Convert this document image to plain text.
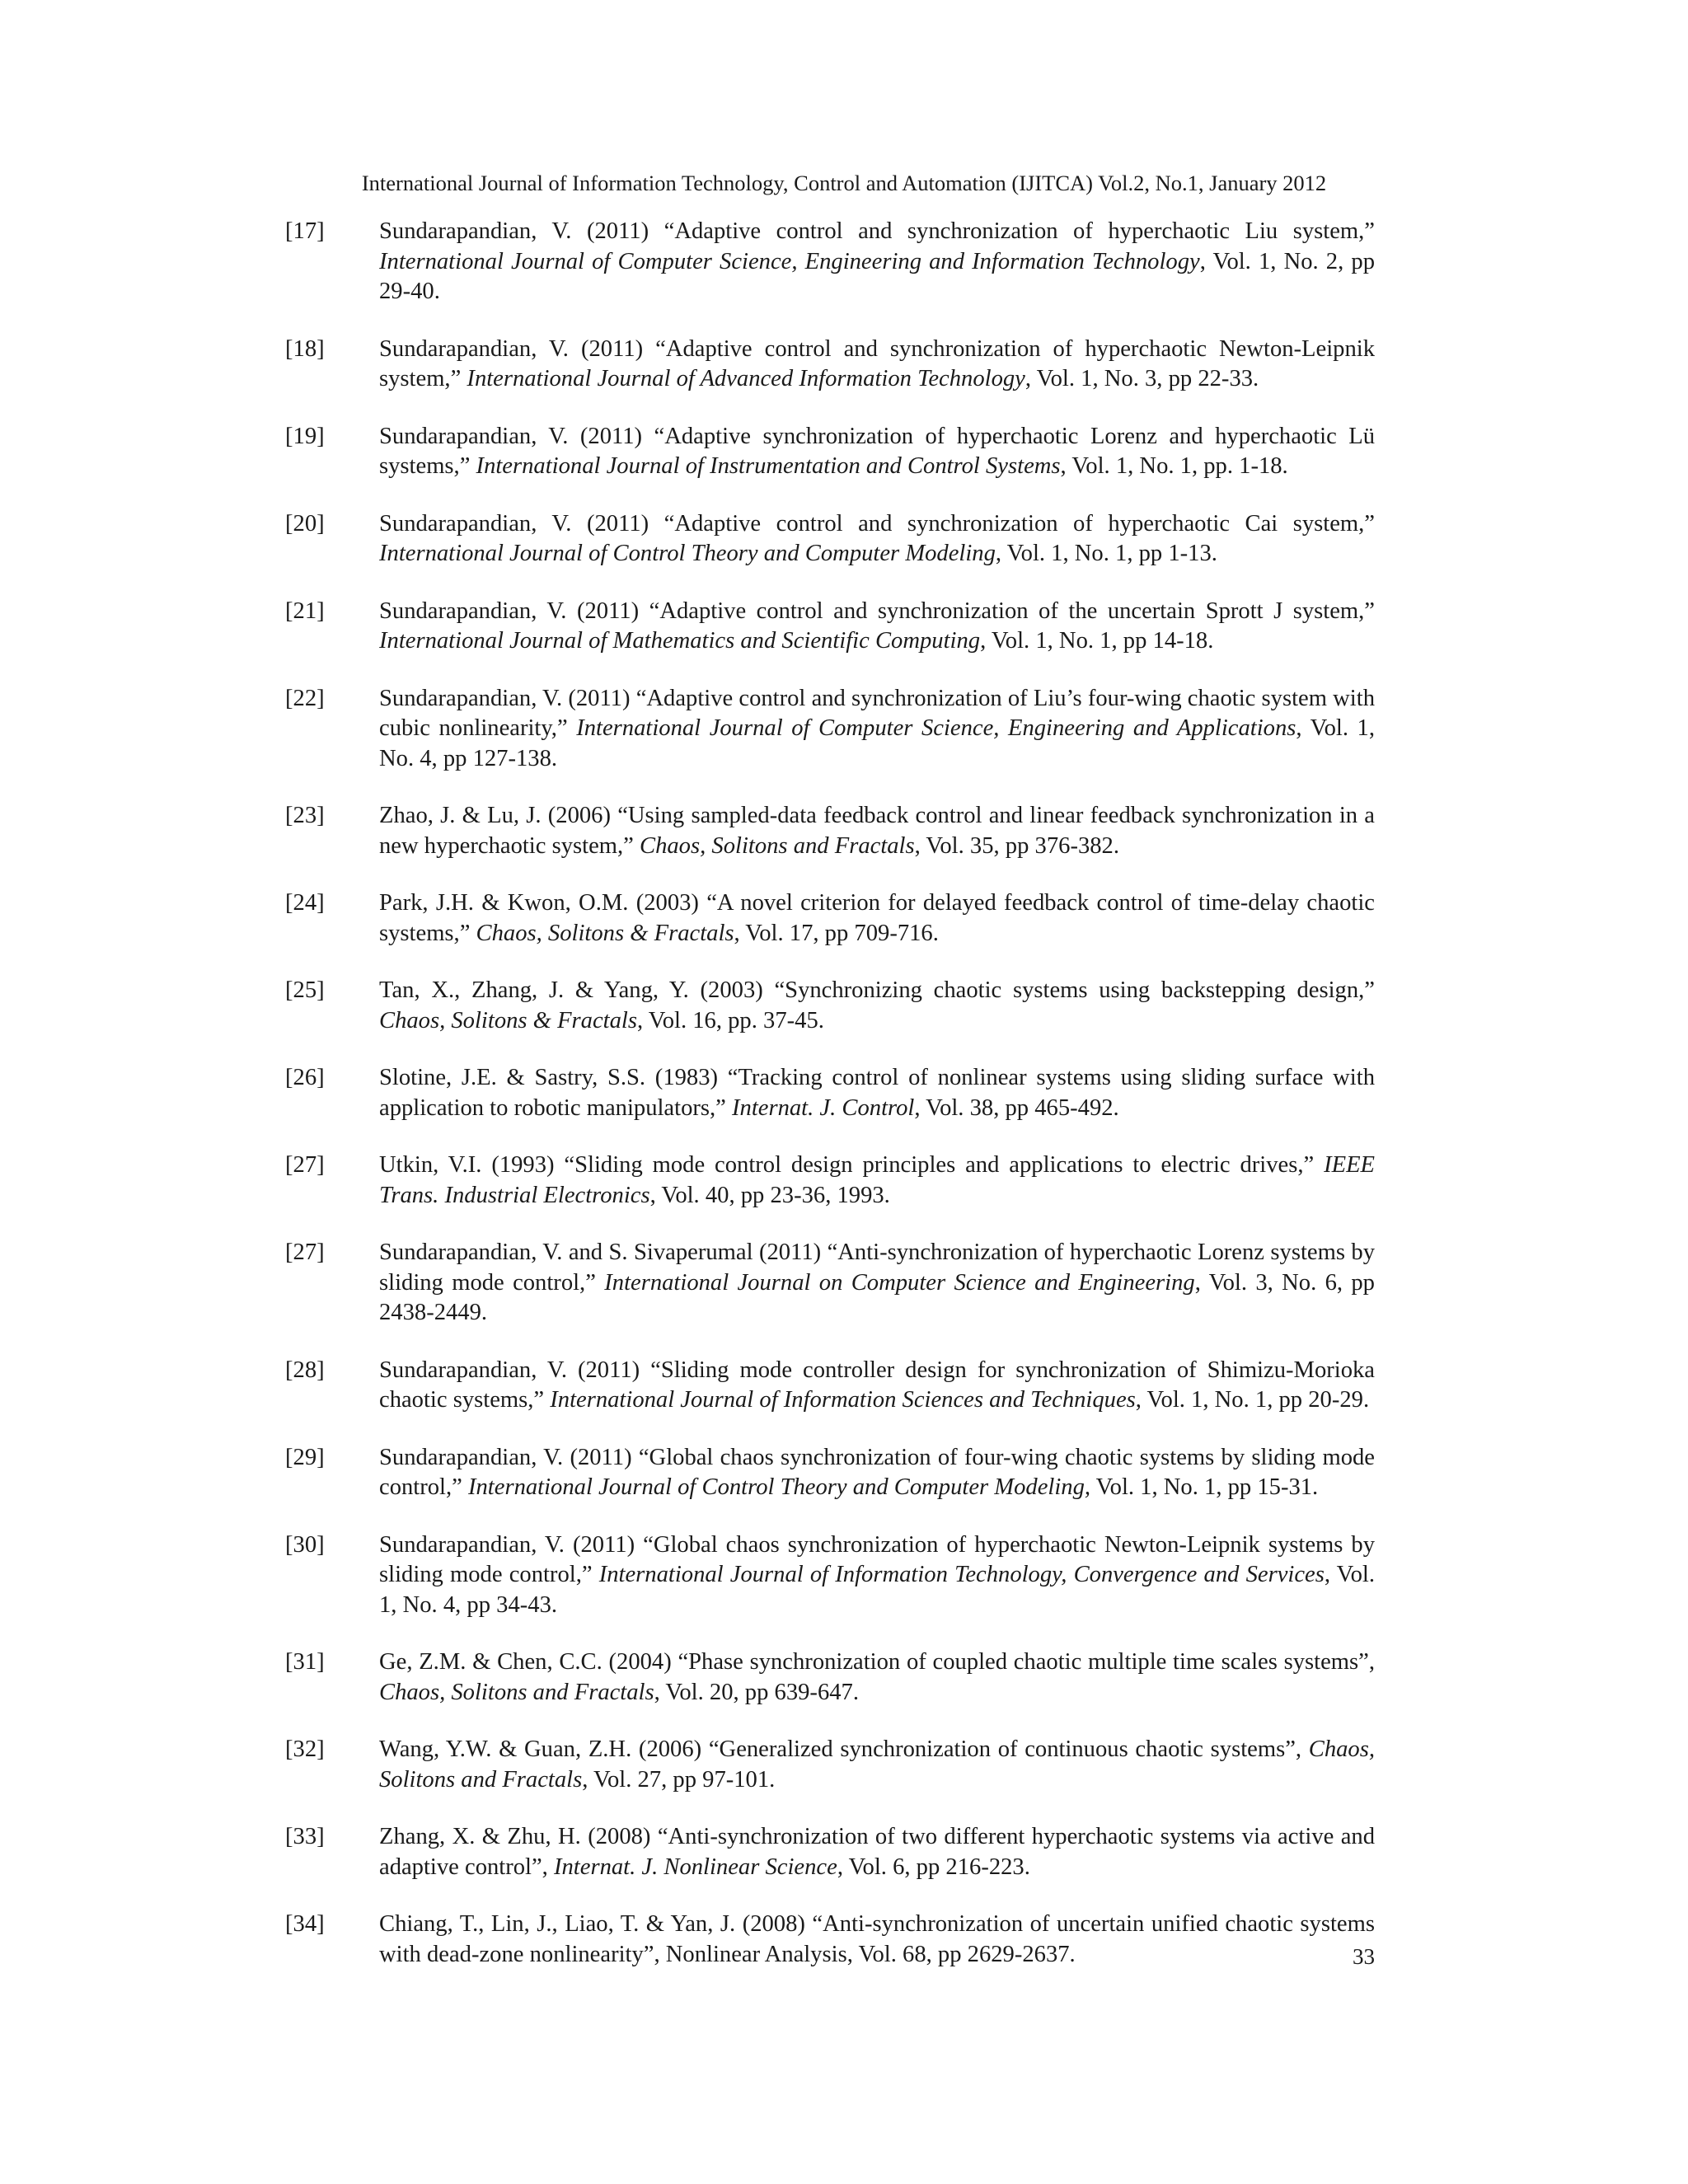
International Journal of Information Technology, Control and Automation (IJITCA) Vol.2, No.1, January 2012
[17] Sundarapandian, V. (2011) “Adaptive control and synchronization of hyperchaotic Liu system,” International Journal of Computer Science, Engineering and Information Technology, Vol. 1, No. 2, pp 29-40.
[18] Sundarapandian, V. (2011) “Adaptive control and synchronization of hyperchaotic Newton-Leipnik system,” International Journal of Advanced Information Technology, Vol. 1, No. 3, pp 22-33.
[19] Sundarapandian, V. (2011) “Adaptive synchronization of hyperchaotic Lorenz and hyperchaotic Lü systems,” International Journal of Instrumentation and Control Systems, Vol. 1, No. 1, pp. 1-18.
[20] Sundarapandian, V. (2011) “Adaptive control and synchronization of hyperchaotic Cai system,” International Journal of Control Theory and Computer Modeling, Vol. 1, No. 1, pp 1-13.
[21] Sundarapandian, V. (2011) “Adaptive control and synchronization of the uncertain Sprott J system,” International Journal of Mathematics and Scientific Computing, Vol. 1, No. 1, pp 14-18.
[22] Sundarapandian, V. (2011) “Adaptive control and synchronization of Liu’s four-wing chaotic system with cubic nonlinearity,” International Journal of Computer Science, Engineering and Applications, Vol. 1, No. 4, pp 127-138.
[23] Zhao, J. & Lu, J. (2006) “Using sampled-data feedback control and linear feedback synchronization in a new hyperchaotic system,” Chaos, Solitons and Fractals, Vol. 35, pp 376-382.
[24] Park, J.H. & Kwon, O.M. (2003) “A novel criterion for delayed feedback control of time-delay chaotic systems,” Chaos, Solitons & Fractals, Vol. 17, pp 709-716.
[25] Tan, X., Zhang, J. & Yang, Y. (2003) “Synchronizing chaotic systems using backstepping design,” Chaos, Solitons & Fractals, Vol. 16, pp. 37-45.
[26] Slotine, J.E. & Sastry, S.S. (1983) “Tracking control of nonlinear systems using sliding surface with application to robotic manipulators,” Internat. J. Control, Vol. 38, pp 465-492.
[27] Utkin, V.I. (1993) “Sliding mode control design principles and applications to electric drives,” IEEE Trans. Industrial Electronics, Vol. 40, pp 23-36, 1993.
[27] Sundarapandian, V. and S. Sivaperumal (2011) “Anti-synchronization of hyperchaotic Lorenz systems by sliding mode control,” International Journal on Computer Science and Engineering, Vol. 3, No. 6, pp 2438-2449.
[28] Sundarapandian, V. (2011) “Sliding mode controller design for synchronization of Shimizu-Morioka chaotic systems,” International Journal of Information Sciences and Techniques, Vol. 1, No. 1, pp 20-29.
[29] Sundarapandian, V. (2011) “Global chaos synchronization of four-wing chaotic systems by sliding mode control,” International Journal of Control Theory and Computer Modeling, Vol. 1, No. 1, pp 15-31.
[30] Sundarapandian, V. (2011) “Global chaos synchronization of hyperchaotic Newton-Leipnik systems by sliding mode control,” International Journal of Information Technology, Convergence and Services, Vol. 1, No. 4, pp 34-43.
[31] Ge, Z.M. & Chen, C.C. (2004) “Phase synchronization of coupled chaotic multiple time scales systems”, Chaos, Solitons and Fractals, Vol. 20, pp 639-647.
[32] Wang, Y.W. & Guan, Z.H. (2006) “Generalized synchronization of continuous chaotic systems”, Chaos, Solitons and Fractals, Vol. 27, pp 97-101.
[33] Zhang, X. & Zhu, H. (2008) “Anti-synchronization of two different hyperchaotic systems via active and adaptive control”, Internat. J. Nonlinear Science, Vol. 6, pp 216-223.
[34] Chiang, T., Lin, J., Liao, T. & Yan, J. (2008) “Anti-synchronization of uncertain unified chaotic systems with dead-zone nonlinearity”, Nonlinear Analysis, Vol. 68, pp 2629-2637.	33
